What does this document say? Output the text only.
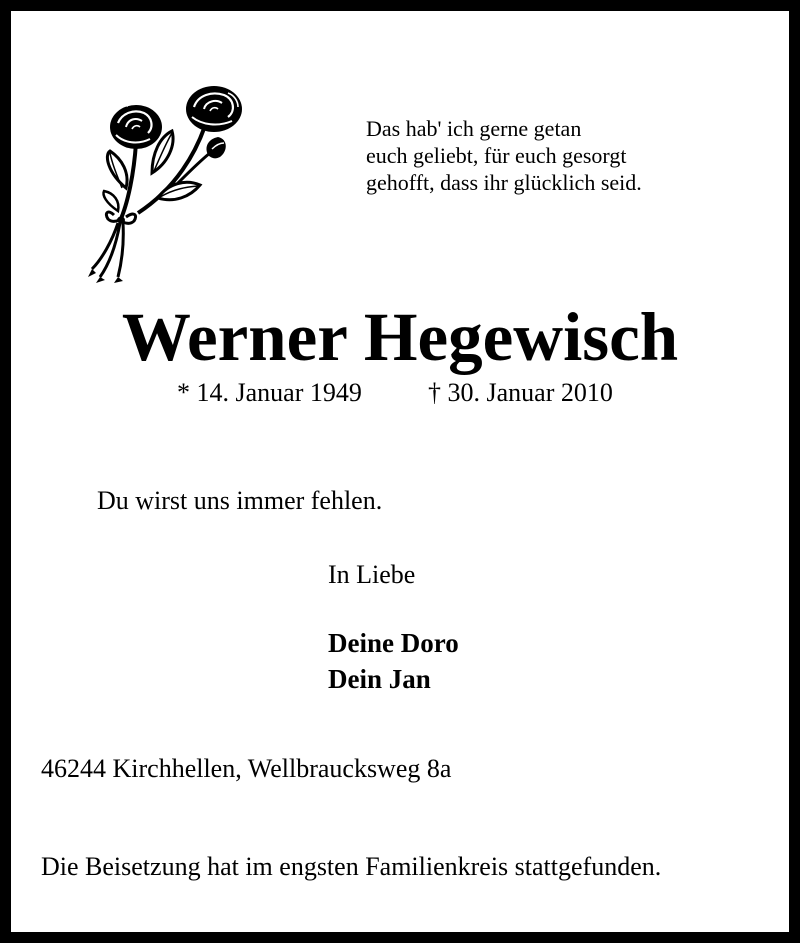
Das hab' ich gerne getan
euch geliebt, für euch gesorgt
gehofft, dass ihr glücklich seid.
Werner Hegewisch
* 14. Januar 1949	† 30. Januar 2010
Du wirst uns immer fehlen.
In Liebe
Deine Doro
Dein Jan
46244 Kirchhellen, Wellbraucksweg 8a
Die Beisetzung hat im engsten Familienkreis stattgefunden.
